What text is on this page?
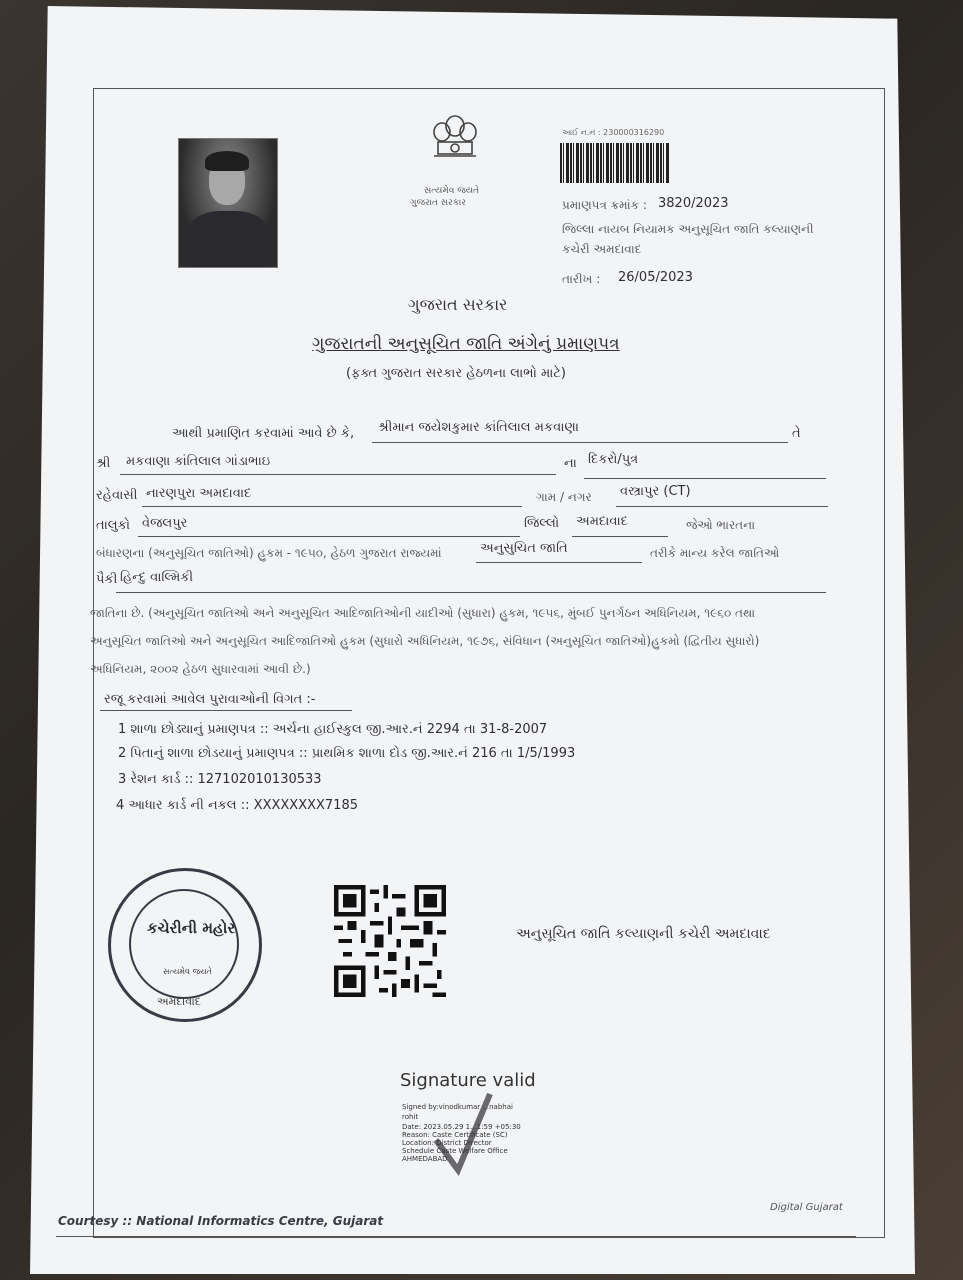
સત્યમેવ જયતે
ગુજરાત સરકાર
આઈ ન.નં : 230000316290
પ્રમાણપત્ર ક્રમાંક : 3820/2023
જિલ્લા નાયબ નિયામક અનુસૂચિત જાતિ કલ્યાણની
કચેરી અમદાવાદ
તારીખ : 26/05/2023
ગુજરાત સરકાર
ગુજરાતની અનુસૂચિત જાતિ અંગેનું પ્રમાણપત્ર
(ફક્ત ગુજરાત સરકાર હેઠળના લાભો માટે)
આથી પ્રમાણિત કરવામાં આવે છે કે, શ્રીમાન જયેશકુમાર કાંતિલાલ મકવાણા	તે
શ્રી મકવાણા કાંતિલાલ ગાંડાભાઇ	ના દિકરો/પુત્ર
રહેવાસી નારણપુરા અમદાવાદ	ગામ / નગર વસ્ત્રાપુર (CT)
તાલુકો વેજલપુર	જિલ્લો અમદાવાદ	જેઓ ભારતના
બંધારણના (અનુસૂચિત જાતિઓ) હુકમ - ૧૯૫૦, હેઠળ ગુજરાત રાજ્યમાં	અનુસુચિત જાતિ	તરીકે માન્ય કરેલ જાતિઓ
પૈકી હિન્દુ વાલ્મિકી
જાતિના છે. (અનુસૂચિત જાતિઓ અને અનુસૂચિત આદિજાતિઓની યાદીઓ (સુધારા) હુકમ, ૧૯૫૬, મુંબઈ પુનર્ગઠન અધિનિયમ, ૧૯૬૦ તથા
અનુસૂચિત જાતિઓ અને અનુસૂચિત આદિજાતિઓ હુકમ (સુધારો અધિનિયમ, ૧૯૭૬, સંવિધાન (અનુસૂચિત જાતિઓ)હુકમો (દ્વિતીય સુધારો)
અધિનિયમ, ૨૦૦૨ હેઠળ સુધારવામાં આવી છે.)
રજૂ કરવામાં આવેલ પુરાવાઓની વિગત :-
1 શાળા છોડ્યાનું પ્રમાણપત્ર :: અર્ચના હાઈસ્કુલ જી.આર.નં 2294 તા 31-8-2007
2 પિતાનું શાળા છોડયાનું પ્રમાણપત્ર :: પ્રાથમિક શાળા દોડ જી.આર.નં 216 તા 1/5/1993
3 રેશન કાર્ડ :: 127102010130533
4 આધાર કાર્ડ ની નકલ :: XXXXXXXX7185
કચેરીની મહોર
સત્યમેવ જયતે
અમદાવાદ
અનુસૂચિત જાતિ કલ્યાણની કચેરી અમદાવાદ
Signature valid
Signed by:vinodkumar ...nabhai
rohit
Date: 2023.05.29 1...1:59 +05:30
Reason: Caste Certificate (SC)
Location: District Director
Schedule Caste Welfare Office
AHMEDABAD
Courtesy :: National Informatics Centre, Gujarat
Digital Gujarat
